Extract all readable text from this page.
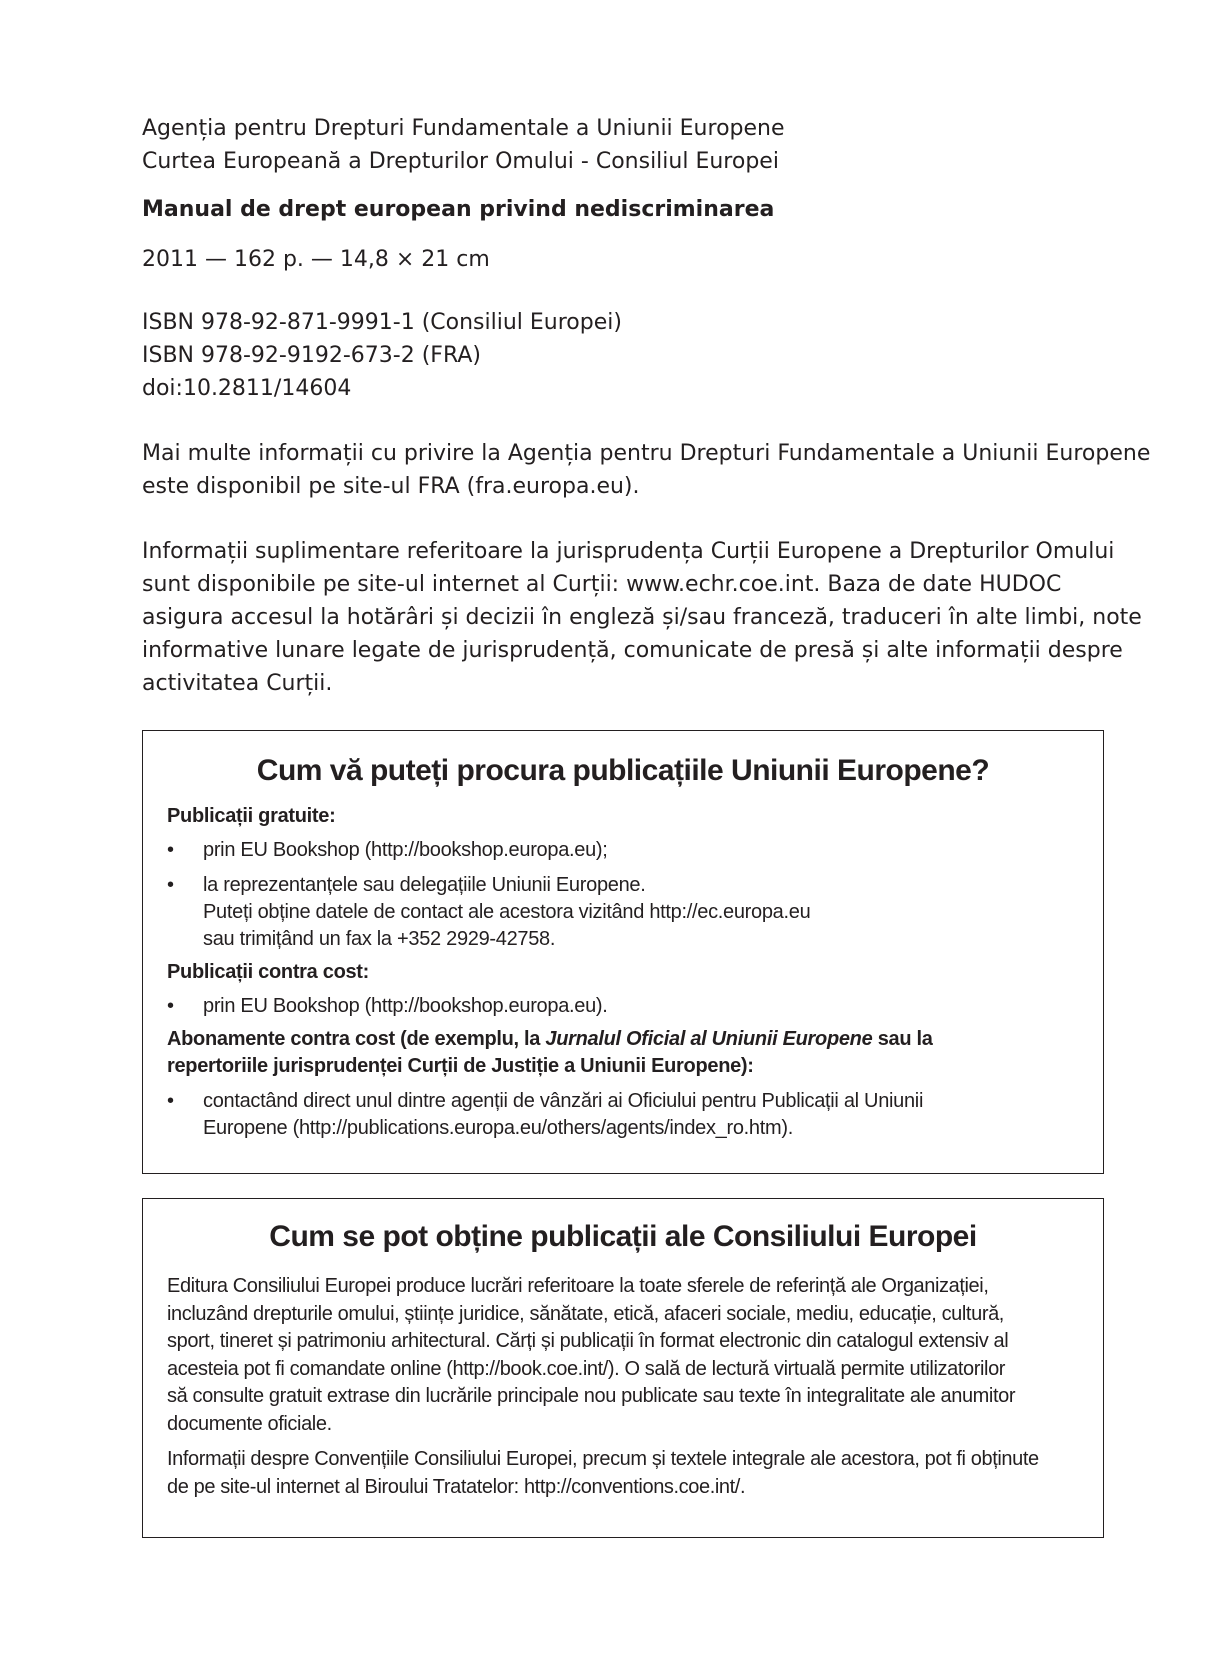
Agenția pentru Drepturi Fundamentale a Uniunii Europene
Curtea Europeană a Drepturilor Omului - Consiliul Europei
Manual de drept european privind nediscriminarea
2011 — 162 p. — 14,8 × 21 cm
ISBN 978-92-871-9991-1 (Consiliul Europei)
ISBN 978-92-9192-673-2 (FRA)
doi:10.2811/14604
Mai multe informații cu privire la Agenția pentru Drepturi Fundamentale a Uniunii Europene
este disponibil pe site-ul FRA (fra.europa.eu).
Informații suplimentare referitoare la jurisprudența Curții Europene a Drepturilor Omului
sunt disponibile pe site-ul internet al Curții: www.echr.coe.int. Baza de date HUDOC
asigura accesul la hotărâri și decizii în engleză și/sau franceză, traduceri în alte limbi, note
informative lunare legate de jurisprudență, comunicate de presă și alte informații despre
activitatea Curții.
Cum vă puteți procura publicațiile Uniunii Europene?
Publicații gratuite:
• prin EU Bookshop (http://bookshop.europa.eu);
• la reprezentanțele sau delegațiile Uniunii Europene.
Puteți obține datele de contact ale acestora vizitând http://ec.europa.eu
sau trimițând un fax la +352 2929-42758.
Publicații contra cost:
• prin EU Bookshop (http://bookshop.europa.eu).
Abonamente contra cost (de exemplu, la Jurnalul Oficial al Uniunii Europene sau la
repertoriile jurisprudenței Curții de Justiție a Uniunii Europene):
• contactând direct unul dintre agenții de vânzări ai Oficiului pentru Publicații al Uniunii
Europene (http://publications.europa.eu/others/agents/index_ro.htm).
Cum se pot obține publicații ale Consiliului Europei

Editura Consiliului Europei produce lucrări referitoare la toate sferele de referință ale Organizației,
incluzând drepturile omului, științe juridice, sănătate, etică, afaceri sociale, mediu, educație, cultură,
sport, tineret și patrimoniu arhitectural. Cărți și publicații în format electronic din catalogul extensiv al
acesteia pot fi comandate online (http://book.coe.int/). O sală de lectură virtuală permite utilizatorilor
să consulte gratuit extrase din lucrările principale nou publicate sau texte în integralitate ale anumitor
documente oficiale.

Informații despre Convențiile Consiliului Europei, precum și textele integrale ale acestora, pot fi obținute
de pe site-ul internet al Biroului Tratatelor: http://conventions.coe.int/.
